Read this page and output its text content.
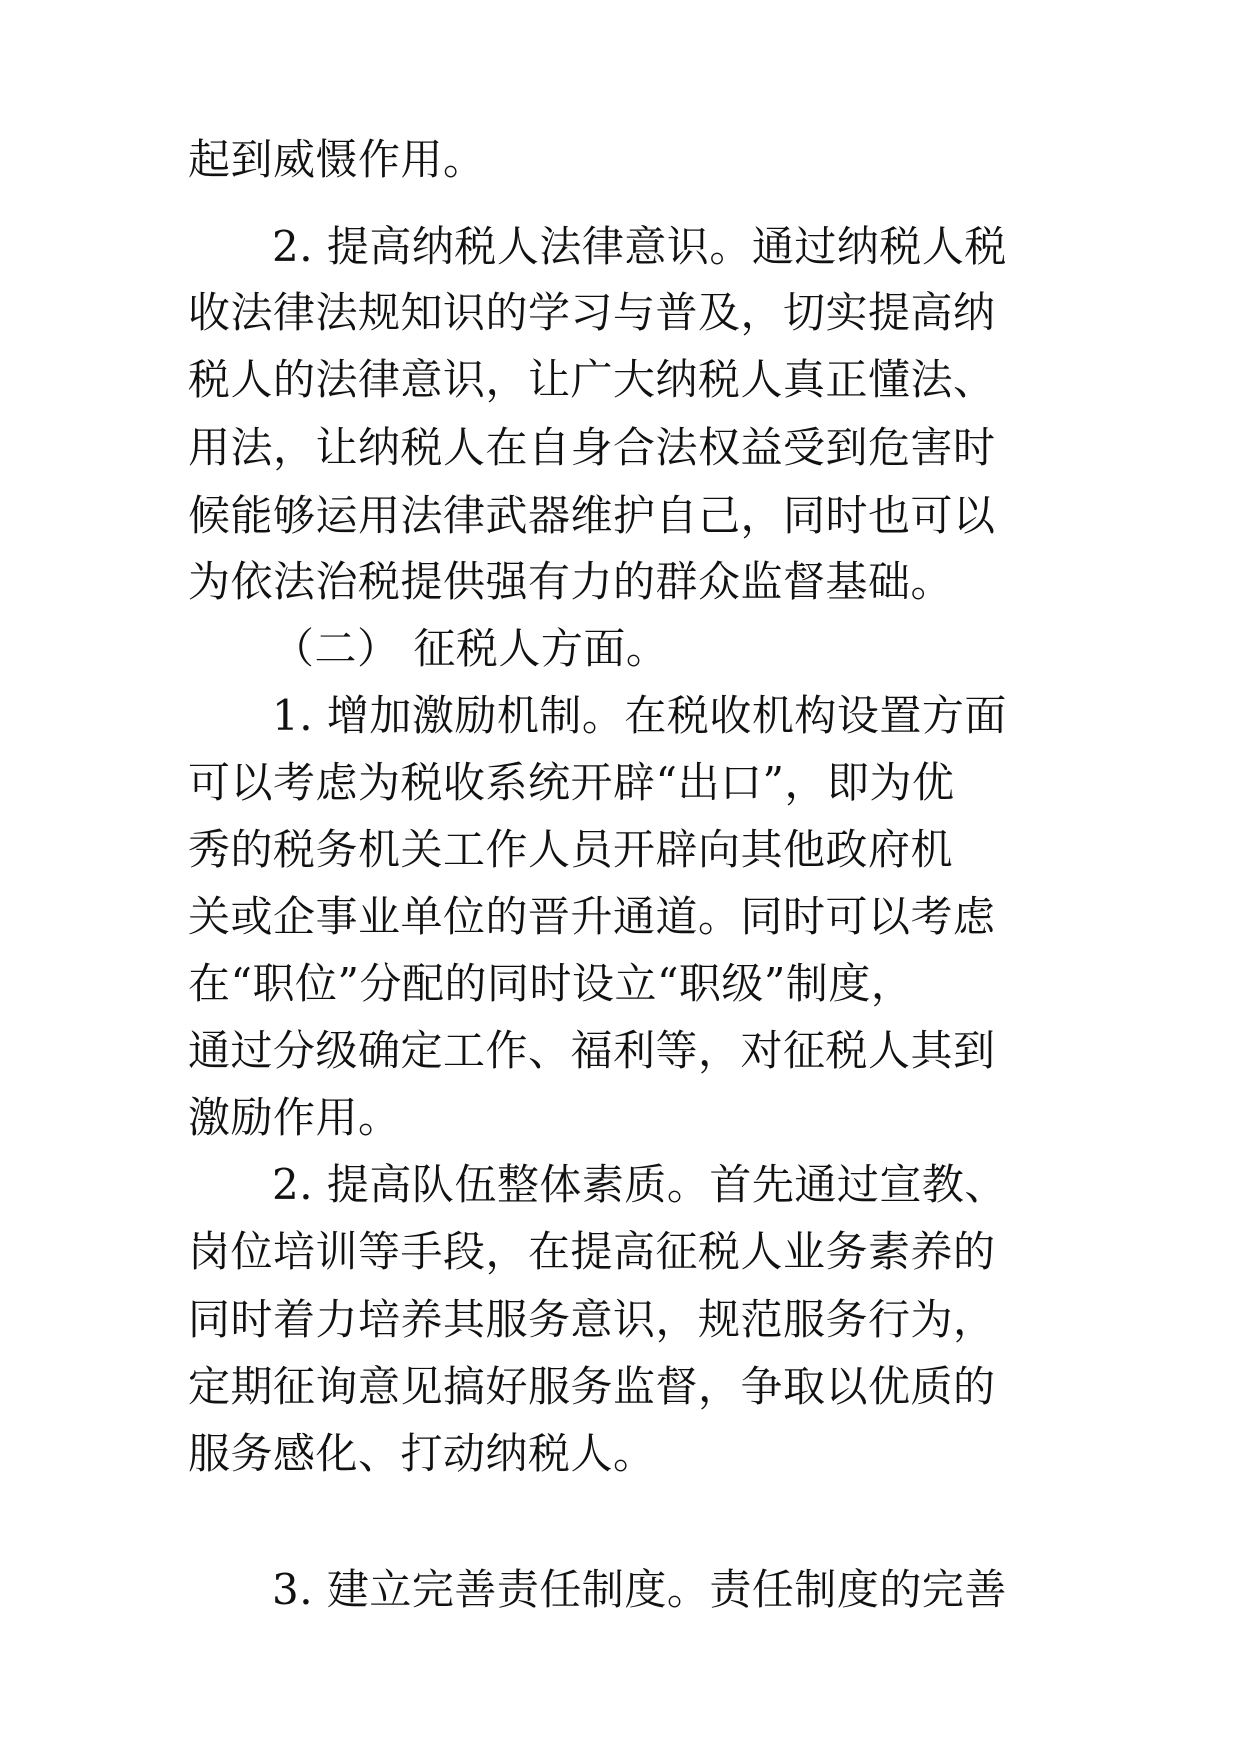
起到威慑作用。
2. 提高纳税人法律意识。通过纳税人税
收法律法规知识的学习与普及，切实提高纳
税人的法律意识，让广大纳税人真正懂法、
用法，让纳税人在自身合法权益受到危害时
候能够运用法律武器维护自己，同时也可以
为依法治税提供强有力的群众监督基础。
（二） 征税人方面。
1. 增加激励机制。在税收机构设置方面
可以考虑为税收系统开辟“出口”，即为优
秀的税务机关工作人员开辟向其他政府机
关或企事业单位的晋升通道。同时可以考虑
在“职位”分配的同时设立“职级”制度，
通过分级确定工作、福利等，对征税人其到
激励作用。
2. 提高队伍整体素质。首先通过宣教、
岗位培训等手段，在提高征税人业务素养的
同时着力培养其服务意识，规范服务行为，
定期征询意见搞好服务监督，争取以优质的
服务感化、打动纳税人。
3. 建立完善责任制度。责任制度的完善
